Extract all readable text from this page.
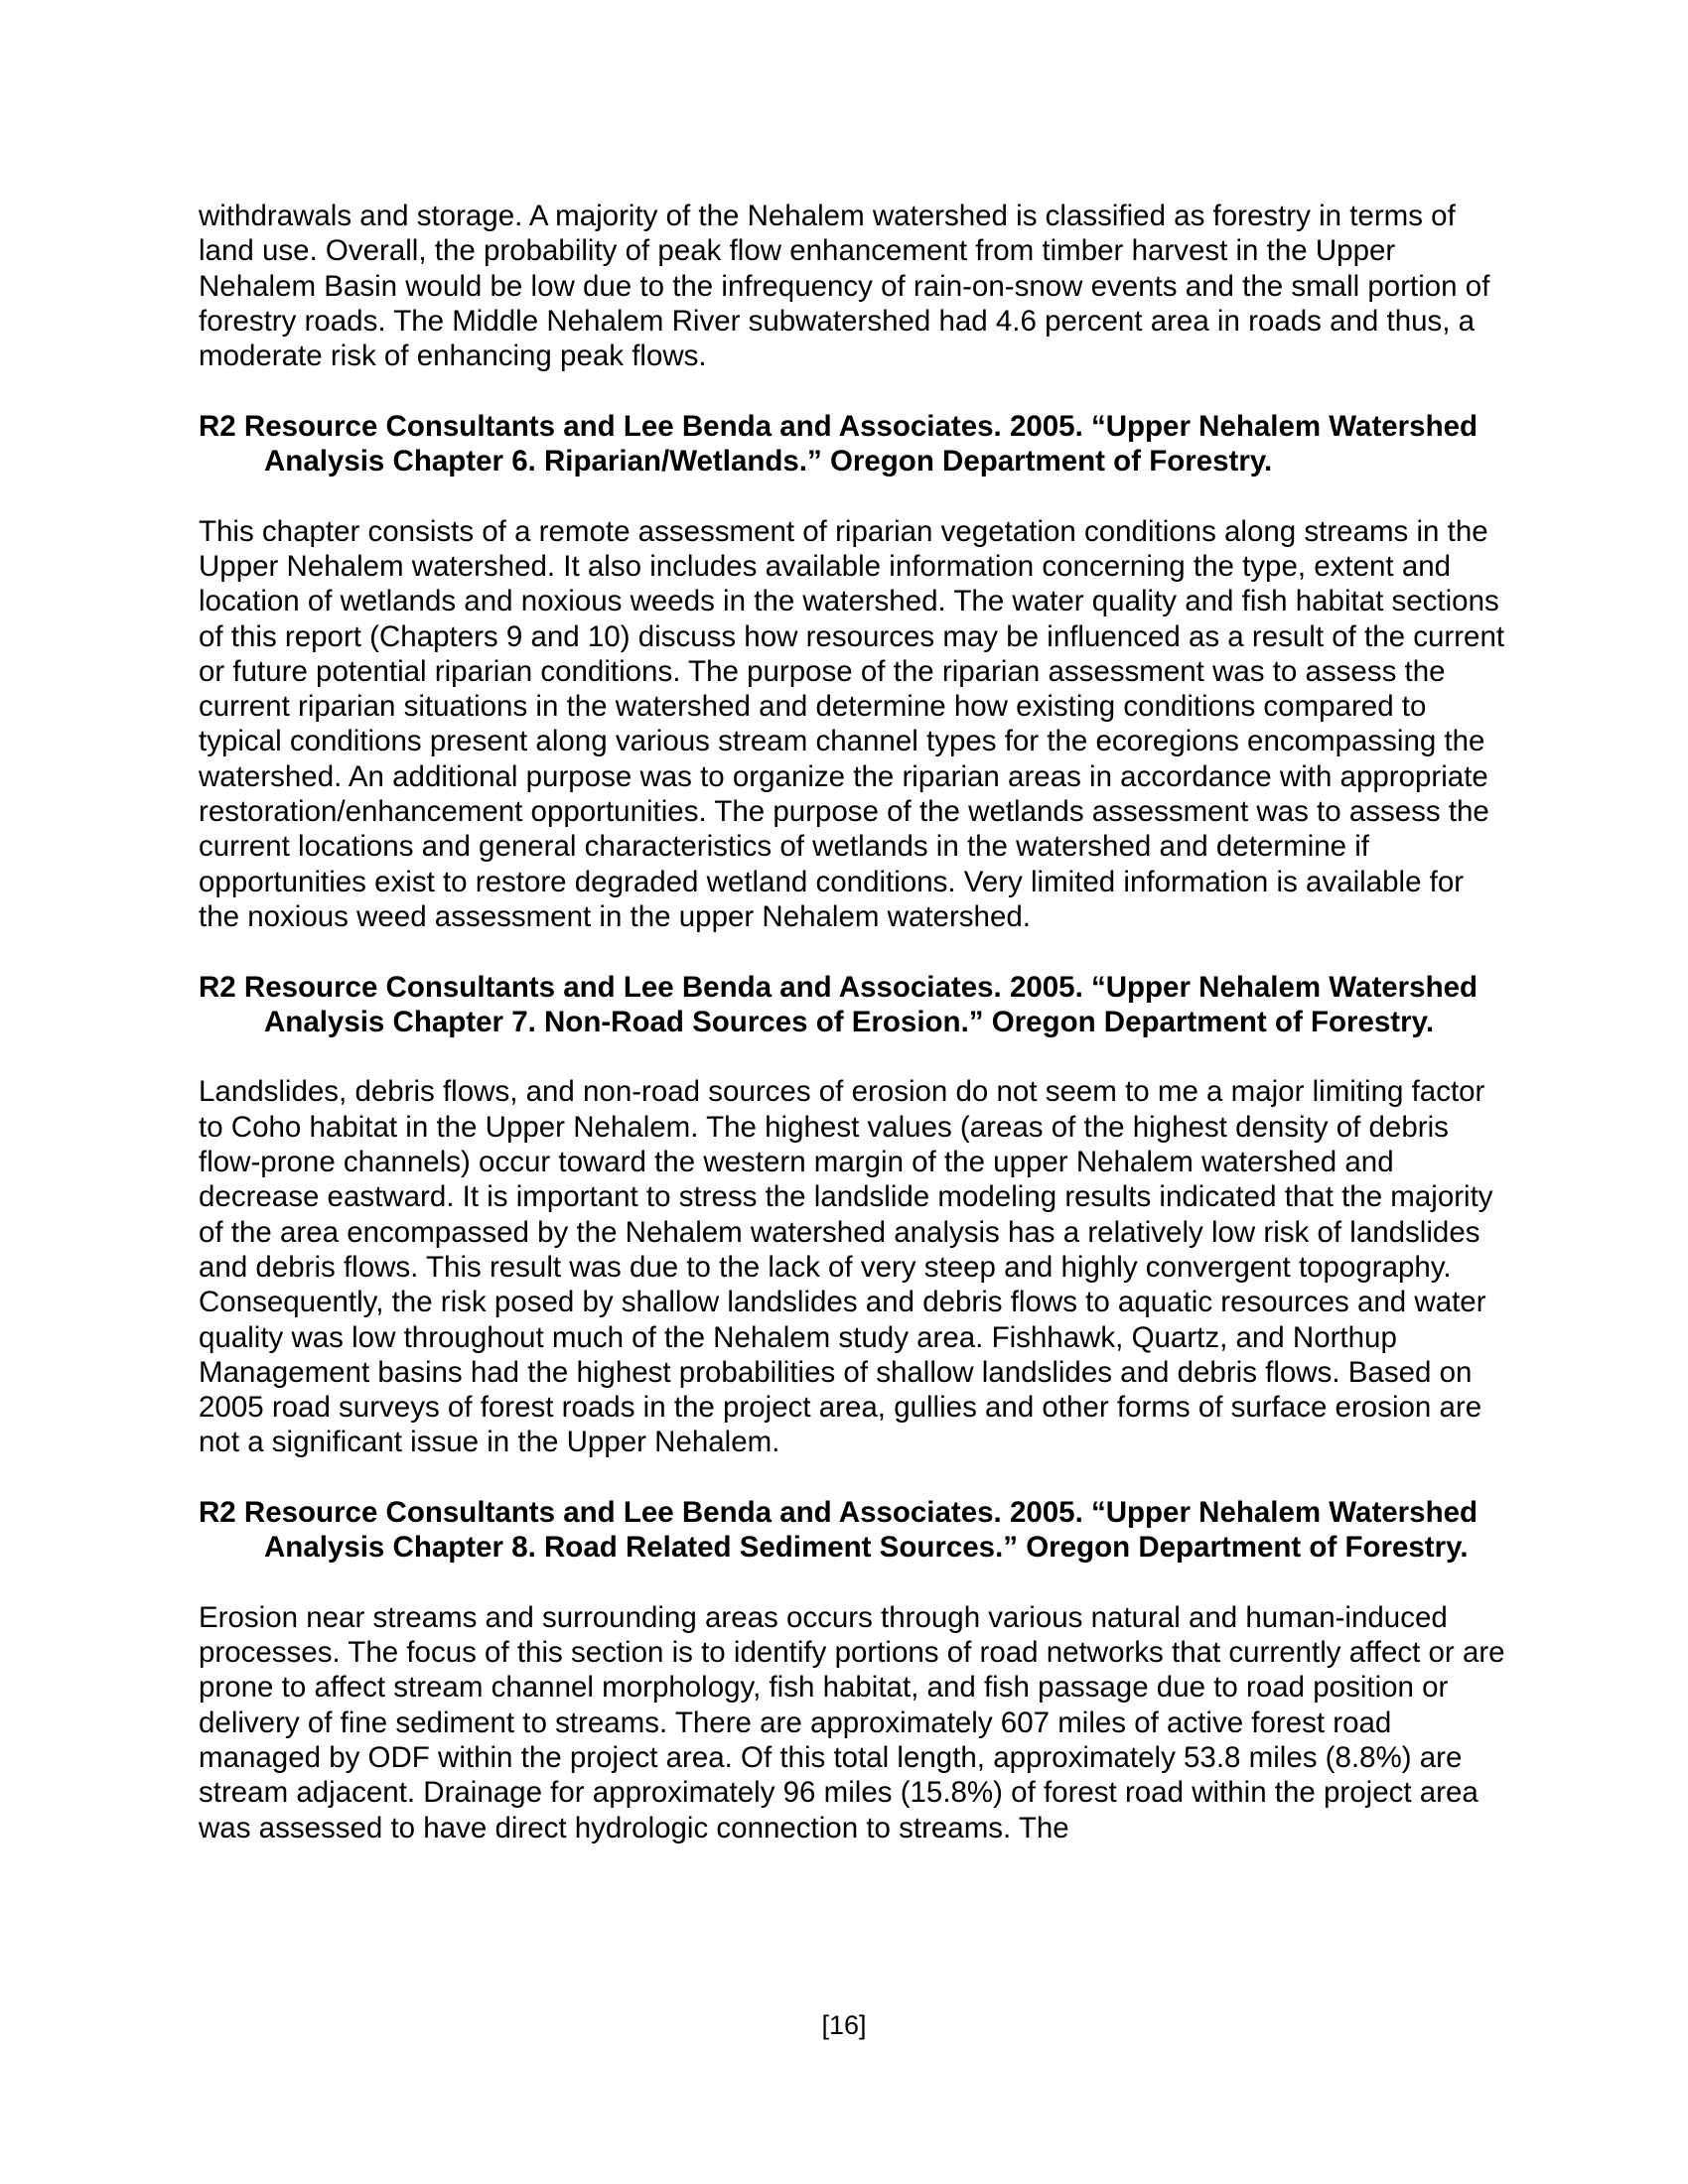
withdrawals and storage. A majority of the Nehalem watershed is classified as forestry in terms of land use. Overall, the probability of peak flow enhancement from timber harvest in the Upper Nehalem Basin would be low due to the infrequency of rain-on-snow events and the small portion of forestry roads. The Middle Nehalem River subwatershed had 4.6 percent area in roads and thus, a moderate risk of enhancing peak flows.

R2 Resource Consultants and Lee Benda and Associates. 2005. “Upper Nehalem Watershed Analysis Chapter 6. Riparian/Wetlands.” Oregon Department of Forestry.

This chapter consists of a remote assessment of riparian vegetation conditions along streams in the Upper Nehalem watershed. It also includes available information concerning the type, extent and location of wetlands and noxious weeds in the watershed. The water quality and fish habitat sections of this report (Chapters 9 and 10) discuss how resources may be influenced as a result of the current or future potential riparian conditions. The purpose of the riparian assessment was to assess the current riparian situations in the watershed and determine how existing conditions compared to typical conditions present along various stream channel types for the ecoregions encompassing the watershed. An additional purpose was to organize the riparian areas in accordance with appropriate restoration/enhancement opportunities. The purpose of the wetlands assessment was to assess the current locations and general characteristics of wetlands in the watershed and determine if opportunities exist to restore degraded wetland conditions. Very limited information is available for the noxious weed assessment in the upper Nehalem watershed.

R2 Resource Consultants and Lee Benda and Associates. 2005. “Upper Nehalem Watershed Analysis Chapter 7. Non-Road Sources of Erosion.” Oregon Department of Forestry.

Landslides, debris flows, and non-road sources of erosion do not seem to me a major limiting factor to Coho habitat in the Upper Nehalem. The highest values (areas of the highest density of debris flow-prone channels) occur toward the western margin of the upper Nehalem watershed and decrease eastward. It is important to stress the landslide modeling results indicated that the majority of the area encompassed by the Nehalem watershed analysis has a relatively low risk of landslides and debris flows. This result was due to the lack of very steep and highly convergent topography. Consequently, the risk posed by shallow landslides and debris flows to aquatic resources and water quality was low throughout much of the Nehalem study area. Fishhawk, Quartz, and Northup Management basins had the highest probabilities of shallow landslides and debris flows. Based on 2005 road surveys of forest roads in the project area, gullies and other forms of surface erosion are not a significant issue in the Upper Nehalem.

R2 Resource Consultants and Lee Benda and Associates. 2005. “Upper Nehalem Watershed Analysis Chapter 8. Road Related Sediment Sources.” Oregon Department of Forestry.

Erosion near streams and surrounding areas occurs through various natural and human-induced processes. The focus of this section is to identify portions of road networks that currently affect or are prone to affect stream channel morphology, fish habitat, and fish passage due to road position or delivery of fine sediment to streams. There are approximately 607 miles of active forest road managed by ODF within the project area. Of this total length, approximately 53.8 miles (8.8%) are stream adjacent. Drainage for approximately 96 miles (15.8%) of forest road within the project area was assessed to have direct hydrologic connection to streams. The

[16]
